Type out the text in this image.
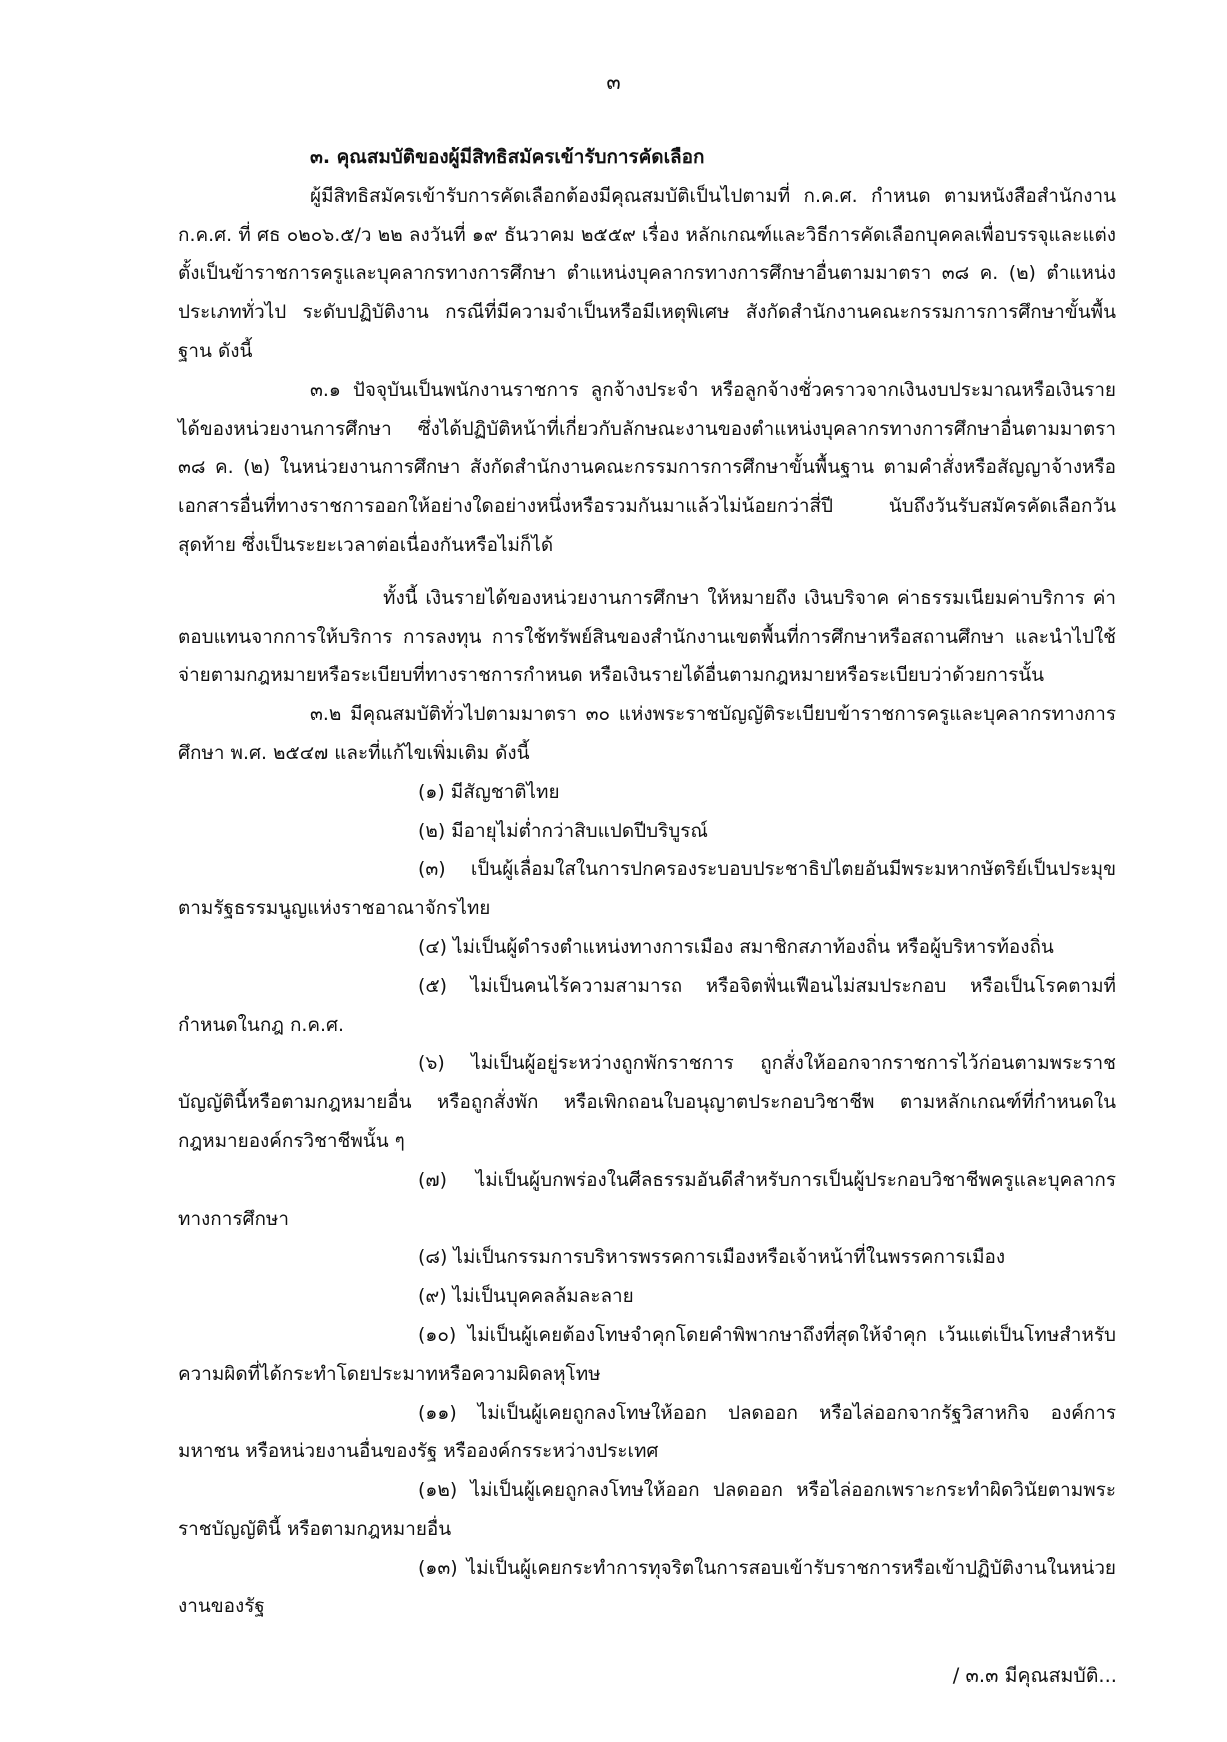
๓

๓. คุณสมบัติของผู้มีสิทธิสมัครเข้ารับการคัดเลือก

ผู้มีสิทธิสมัครเข้ารับการคัดเลือกต้องมีคุณสมบัติเป็นไปตามที่ ก.ค.ศ. กำหนด ตามหนังสือสำนักงาน ก.ค.ศ. ที่ ศธ ๐๒๐๖.๕/ว ๒๒ ลงวันที่ ๑๙ ธันวาคม ๒๕๕๙ เรื่อง หลักเกณฑ์และวิธีการคัดเลือกบุคคลเพื่อบรรจุและแต่งตั้งเป็นข้าราชการครูและบุคลากรทางการศึกษา ตำแหน่งบุคลากรทางการศึกษาอื่นตามมาตรา ๓๘ ค. (๒) ตำแหน่งประเภททั่วไป ระดับปฏิบัติงาน กรณีที่มีความจำเป็นหรือมีเหตุพิเศษ สังกัดสำนักงานคณะกรรมการการศึกษาขั้นพื้นฐาน ดังนี้

๓.๑ ปัจจุบันเป็นพนักงานราชการ ลูกจ้างประจำ หรือลูกจ้างชั่วคราวจากเงินงบประมาณหรือเงินรายได้ของหน่วยงานการศึกษา ซึ่งได้ปฏิบัติหน้าที่เกี่ยวกับลักษณะงานของตำแหน่งบุคลากรทางการศึกษาอื่นตามมาตรา ๓๘ ค. (๒) ในหน่วยงานการศึกษา สังกัดสำนักงานคณะกรรมการการศึกษาขั้นพื้นฐาน ตามคำสั่งหรือสัญญาจ้างหรือเอกสารอื่นที่ทางราชการออกให้อย่างใดอย่างหนึ่งหรือรวมกันมาแล้วไม่น้อยกว่าสี่ปี นับถึงวันรับสมัครคัดเลือกวันสุดท้าย ซึ่งเป็นระยะเวลาต่อเนื่องกันหรือไม่ก็ได้

ทั้งนี้ เงินรายได้ของหน่วยงานการศึกษา ให้หมายถึง เงินบริจาค ค่าธรรมเนียมค่าบริการ ค่าตอบแทนจากการให้บริการ การลงทุน การใช้ทรัพย์สินของสำนักงานเขตพื้นที่การศึกษาหรือสถานศึกษา และนำไปใช้จ่ายตามกฎหมายหรือระเบียบที่ทางราชการกำหนด หรือเงินรายได้อื่นตามกฎหมายหรือระเบียบว่าด้วยการนั้น

๓.๒ มีคุณสมบัติทั่วไปตามมาตรา ๓๐ แห่งพระราชบัญญัติระเบียบข้าราชการครูและบุคลากรทางการศึกษา พ.ศ. ๒๕๔๗ และที่แก้ไขเพิ่มเติม ดังนี้

(๑) มีสัญชาติไทย

(๒) มีอายุไม่ต่ำกว่าสิบแปดปีบริบูรณ์

(๓) เป็นผู้เลื่อมใสในการปกครองระบอบประชาธิปไตยอันมีพระมหากษัตริย์เป็นประมุข ตามรัฐธรรมนูญแห่งราชอาณาจักรไทย

(๔) ไม่เป็นผู้ดำรงตำแหน่งทางการเมือง สมาชิกสภาท้องถิ่น หรือผู้บริหารท้องถิ่น

(๕) ไม่เป็นคนไร้ความสามารถ หรือจิตฟั่นเฟือนไม่สมประกอบ หรือเป็นโรคตามที่กำหนดในกฎ ก.ค.ศ.

(๖) ไม่เป็นผู้อยู่ระหว่างถูกพักราชการ ถูกสั่งให้ออกจากราชการไว้ก่อนตามพระราชบัญญัตินี้หรือตามกฎหมายอื่น หรือถูกสั่งพัก หรือเพิกถอนใบอนุญาตประกอบวิชาชีพ ตามหลักเกณฑ์ที่กำหนดในกฎหมายองค์กรวิชาชีพนั้น ๆ

(๗) ไม่เป็นผู้บกพร่องในศีลธรรมอันดีสำหรับการเป็นผู้ประกอบวิชาชีพครูและบุคลากรทางการศึกษา

(๘) ไม่เป็นกรรมการบริหารพรรคการเมืองหรือเจ้าหน้าที่ในพรรคการเมือง

(๙) ไม่เป็นบุคคลล้มละลาย

(๑๐) ไม่เป็นผู้เคยต้องโทษจำคุกโดยคำพิพากษาถึงที่สุดให้จำคุก เว้นแต่เป็นโทษสำหรับความผิดที่ได้กระทำโดยประมาทหรือความผิดลหุโทษ

(๑๑) ไม่เป็นผู้เคยถูกลงโทษให้ออก ปลดออก หรือไล่ออกจากรัฐวิสาหกิจ องค์การมหาชน หรือหน่วยงานอื่นของรัฐ หรือองค์กรระหว่างประเทศ

(๑๒) ไม่เป็นผู้เคยถูกลงโทษให้ออก ปลดออก หรือไล่ออกเพราะกระทำผิดวินัยตามพระราชบัญญัตินี้ หรือตามกฎหมายอื่น

(๑๓) ไม่เป็นผู้เคยกระทำการทุจริตในการสอบเข้ารับราชการหรือเข้าปฏิบัติงานในหน่วยงานของรัฐ

/ ๓.๓ มีคุณสมบัติ...
